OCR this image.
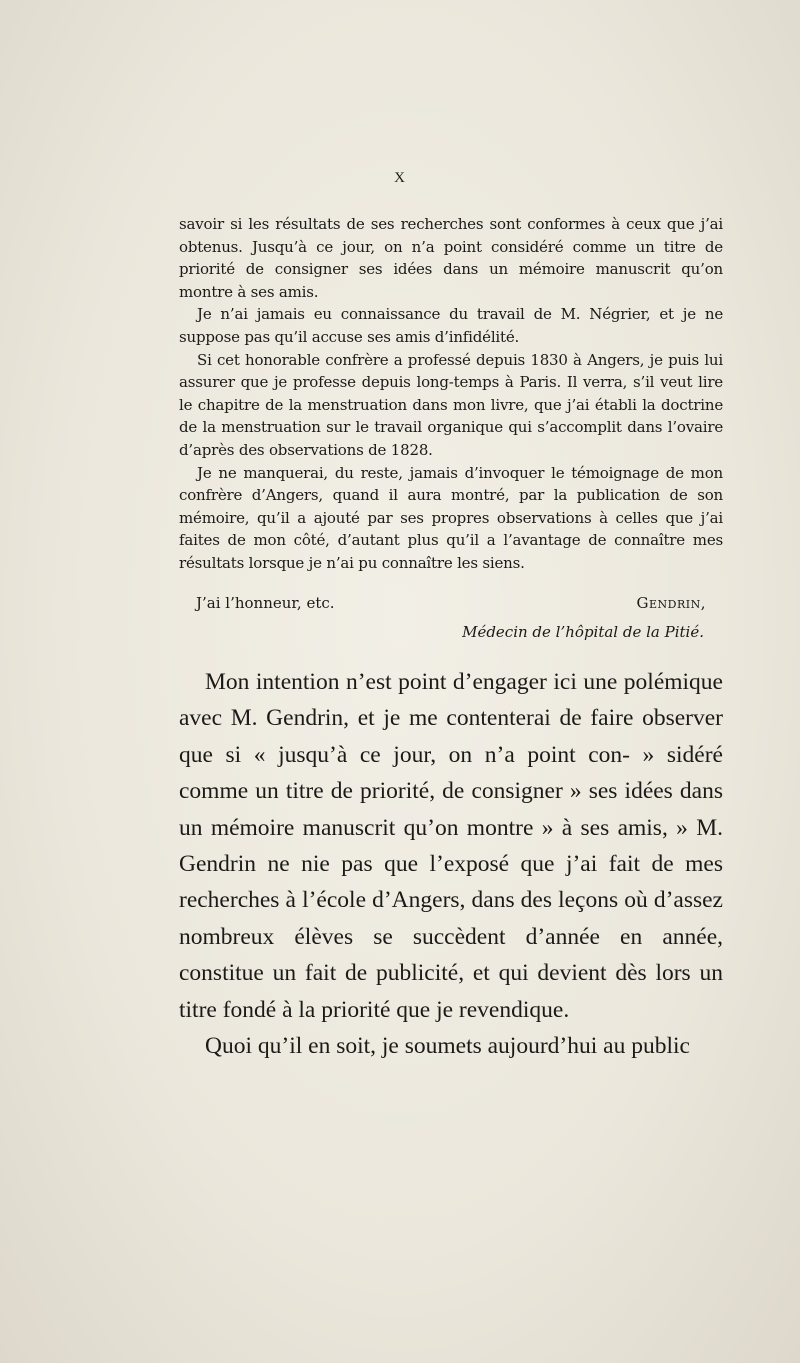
X

savoir si les résultats de ses recherches sont conformes à ceux que j’ai obtenus. Jusqu’à ce jour, on n’a point considéré comme un titre de priorité de consigner ses idées dans un mémoire manuscrit qu’on montre à ses amis.

Je n’ai jamais eu connaissance du travail de M. Négrier, et je ne suppose pas qu’il accuse ses amis d’infidélité.

Si cet honorable confrère a professé depuis 1830 à Angers, je puis lui assurer que je professe depuis long-temps à Paris. Il verra, s’il veut lire le chapitre de la menstruation dans mon livre, que j’ai établi la doctrine de la menstruation sur le travail organique qui s’accomplit dans l’ovaire d’après des observations de 1828.

Je ne manquerai, du reste, jamais d’invoquer le témoignage de mon confrère d’Angers, quand il aura montré, par la publication de son mémoire, qu’il a ajouté par ses propres observations à celles que j’ai faites de mon côté, d’autant plus qu’il a l’avantage de connaître mes résultats lorsque je n’ai pu connaître les siens.

J’ai l’honneur, etc.	Gendrin,
Médecin de l’hôpital de la Pitié.

Mon intention n’est point d’engager ici une polémique avec M. Gendrin, et je me contenterai de faire observer que si « jusqu’à ce jour, on n’a point con- » sidéré comme un titre de priorité, de consigner » ses idées dans un mémoire manuscrit qu’on montre » à ses amis, » M. Gendrin ne nie pas que l’exposé que j’ai fait de mes recherches à l’école d’Angers, dans des leçons où d’assez nombreux élèves se succèdent d’année en année, constitue un fait de publicité, et qui devient dès lors un titre fondé à la priorité que je revendique.

Quoi qu’il en soit, je soumets aujourd’hui au public
